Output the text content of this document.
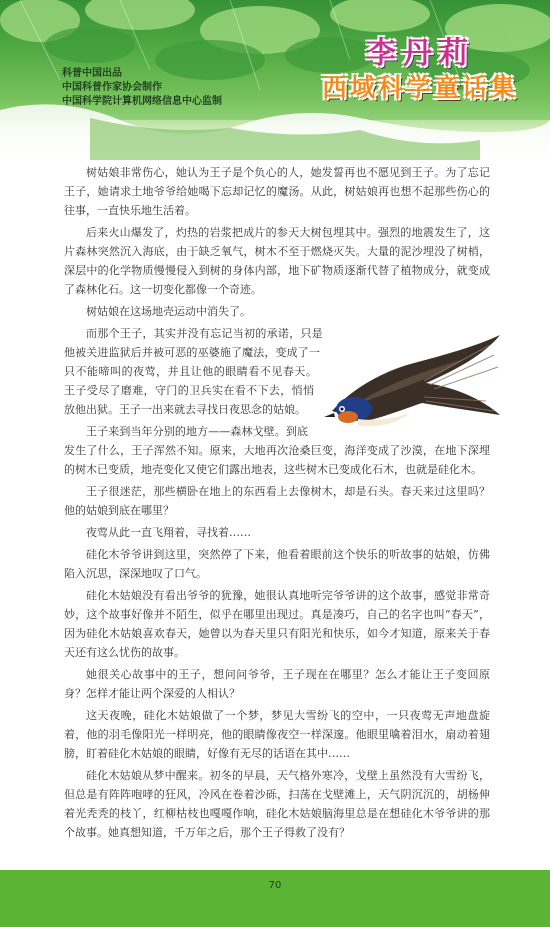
科普中国出品
中国科普作家协会制作
中国科学院计算机网络信息中心监制
李丹莉
西域科学童话集

树姑娘非常伤心，她认为王子是个负心的人，她发誓再也不愿见到王子。为了忘记王子，她请求土地爷爷给她喝下忘却记忆的魔汤。从此，树姑娘再也想不起那些伤心的往事，一直快乐地生活着。

后来火山爆发了，灼热的岩浆把成片的参天大树包埋其中。强烈的地震发生了，这片森林突然沉入海底，由于缺乏氧气，树木不至于燃烧灭失。大量的泥沙埋没了树梢，深层中的化学物质慢慢侵入到树的身体内部，地下矿物质逐渐代替了植物成分，就变成了森林化石。这一切变化都像一个奇迹。

树姑娘在这场地壳运动中消失了。

而那个王子，其实并没有忘记当初的承诺，只是他被关进监狱后并被可恶的巫婆施了魔法，变成了一只不能啼叫的夜莺，并且让他的眼睛看不见春天。王子受尽了磨难，守门的卫兵实在看不下去，悄悄放他出狱。王子一出来就去寻找日夜思念的姑娘。

王子来到当年分别的地方——森林戈壁。到底发生了什么，王子浑然不知。原来，大地再次沧桑巨变，海洋变成了沙漠，在地下深埋的树木已变质，地壳变化又使它们露出地表，这些树木已变成化石木，也就是硅化木。

王子很迷茫，那些横卧在地上的东西看上去像树木，却是石头。春天来过这里吗？他的姑娘到底在哪里？

夜莺从此一直飞翔着，寻找着……

硅化木爷爷讲到这里，突然停了下来，他看着眼前这个快乐的听故事的姑娘，仿佛陷入沉思，深深地叹了口气。

硅化木姑娘没有看出爷爷的犹豫，她很认真地听完爷爷讲的这个故事，感觉非常奇妙，这个故事好像并不陌生，似乎在哪里出现过。真是凑巧，自己的名字也叫“春天”，因为硅化木姑娘喜欢春天，她曾以为春天里只有阳光和快乐，如今才知道，原来关于春天还有这么忧伤的故事。

她很关心故事中的王子，想问问爷爷，王子现在在哪里？怎么才能让王子变回原身？怎样才能让两个深爱的人相认？

这天夜晚，硅化木姑娘做了一个梦，梦见大雪纷飞的空中，一只夜莺无声地盘旋着，他的羽毛像阳光一样明亮，他的眼睛像夜空一样深邃。他眼里噙着泪水，扇动着翅膀，盯着硅化木姑娘的眼睛，好像有无尽的话语在其中……

硅化木姑娘从梦中醒来。初冬的早晨，天气格外寒冷，戈壁上虽然没有大雪纷飞，但总是有阵阵咆哮的狂风，冷风在卷着沙砾，扫荡在戈壁滩上，天气阴沉沉的，胡杨伸着光秃秃的枝丫，红柳枯枝也嘎嘎作响，硅化木姑娘脑海里总是在想硅化木爷爷讲的那个故事。她真想知道，千万年之后，那个王子得救了没有？

70
